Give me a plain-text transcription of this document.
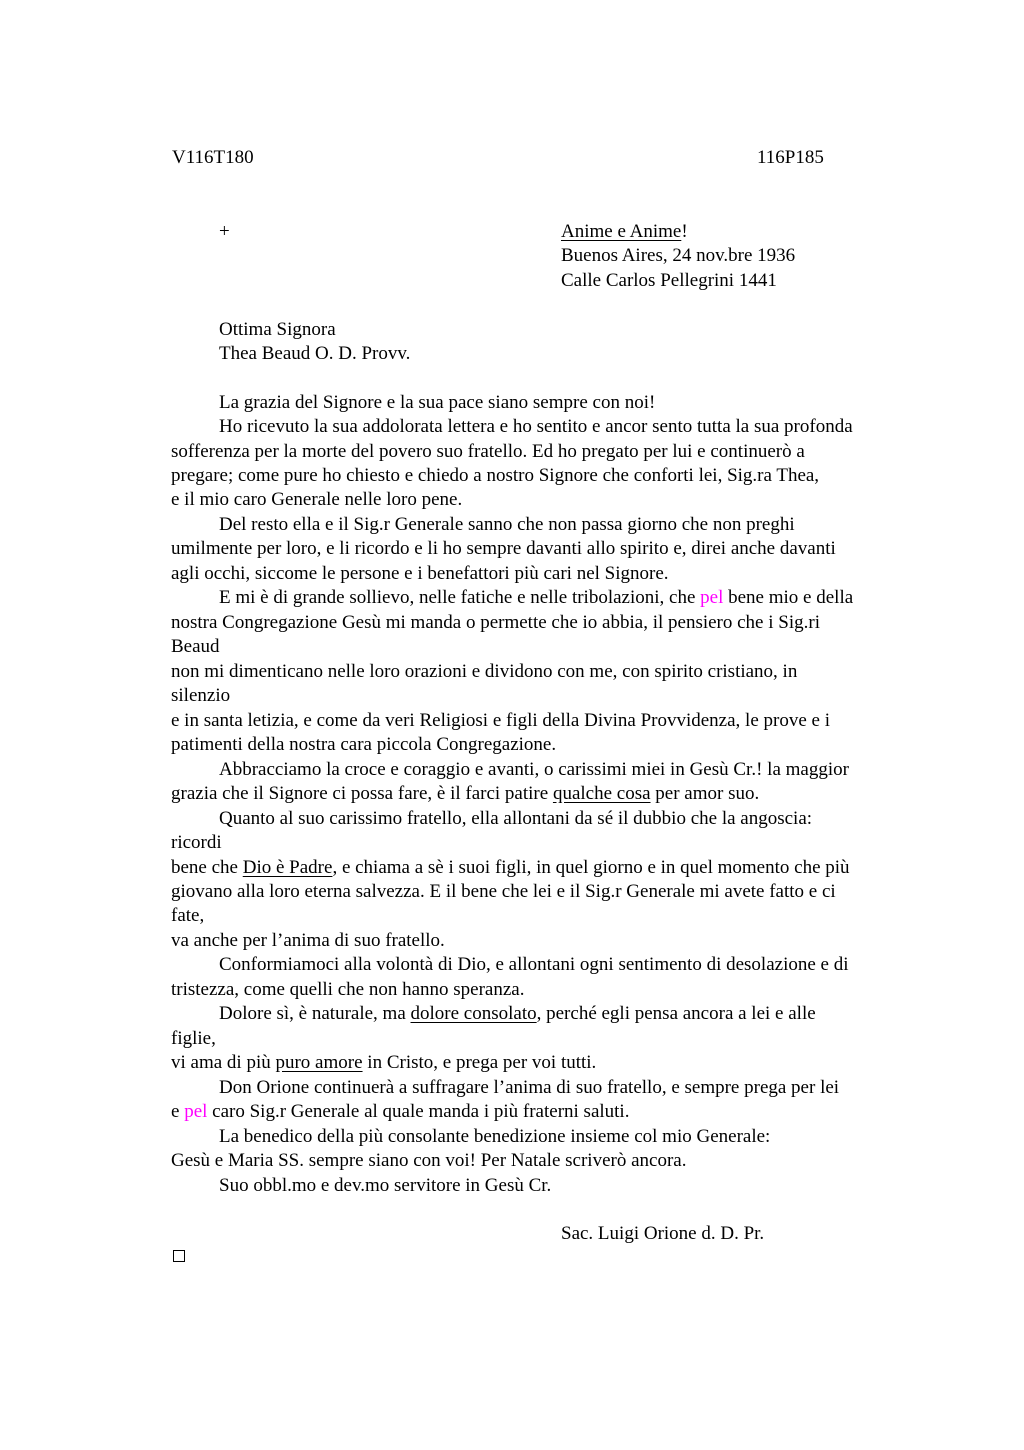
V116T180	116P185
+	Anime e Anime!
Buenos Aires, 24 nov.bre 1936
Calle Carlos Pellegrini 1441
Ottima Signora
Thea Beaud O. D. Provv.
La grazia del Signore e la sua pace siano sempre con noi!
Ho ricevuto la sua addolorata lettera e ho sentito e ancor sento tutta la sua profonda
sofferenza per la morte del povero suo fratello. Ed ho pregato per lui e continuerò a
pregare; come pure ho chiesto e chiedo a nostro Signore che conforti lei, Sig.ra Thea,
e il mio caro Generale nelle loro pene.
Del resto ella e il Sig.r Generale sanno che non passa giorno che non preghi
umilmente per loro, e li ricordo e li ho sempre davanti allo spirito e, direi anche davanti
agli occhi, siccome le persone e i benefattori più cari nel Signore.
E mi è di grande sollievo, nelle fatiche e nelle tribolazioni, che pel bene mio e della
nostra Congregazione Gesù mi manda o permette che io abbia, il pensiero che i Sig.ri
Beaud
non mi dimenticano nelle loro orazioni e dividono con me, con spirito cristiano, in
silenzio
e in santa letizia, e come da veri Religiosi e figli della Divina Provvidenza, le prove e i
patimenti della nostra cara piccola Congregazione.
Abbracciamo la croce e coraggio e avanti, o carissimi miei in Gesù Cr.! la maggior
grazia che il Signore ci possa fare, è il farci patire qualche cosa per amor suo.
Quanto al suo carissimo fratello, ella allontani da sé il dubbio che la angoscia:
ricordi
bene che Dio è Padre, e chiama a sè i suoi figli, in quel giorno e in quel momento che più
giovano alla loro eterna salvezza. E il bene che lei e il Sig.r Generale mi avete fatto e ci
fate,
va anche per l’anima di suo fratello.
Conformiamoci alla volontà di Dio, e allontani ogni sentimento di desolazione e di
tristezza, come quelli che non hanno speranza.
Dolore sì, è naturale, ma dolore consolato, perché egli pensa ancora a lei e alle
figlie,
vi ama di più puro amore in Cristo, e prega per voi tutti.
Don Orione continuerà a suffragare l’anima di suo fratello, e sempre prega per lei
e pel caro Sig.r Generale al quale manda i più fraterni saluti.
La benedico della più consolante benedizione insieme col mio Generale:
Gesù e Maria SS. sempre siano con voi! Per Natale scriverò ancora.
Suo obbl.mo e dev.mo servitore in Gesù Cr.
Sac. Luigi Orione d. D. Pr.
